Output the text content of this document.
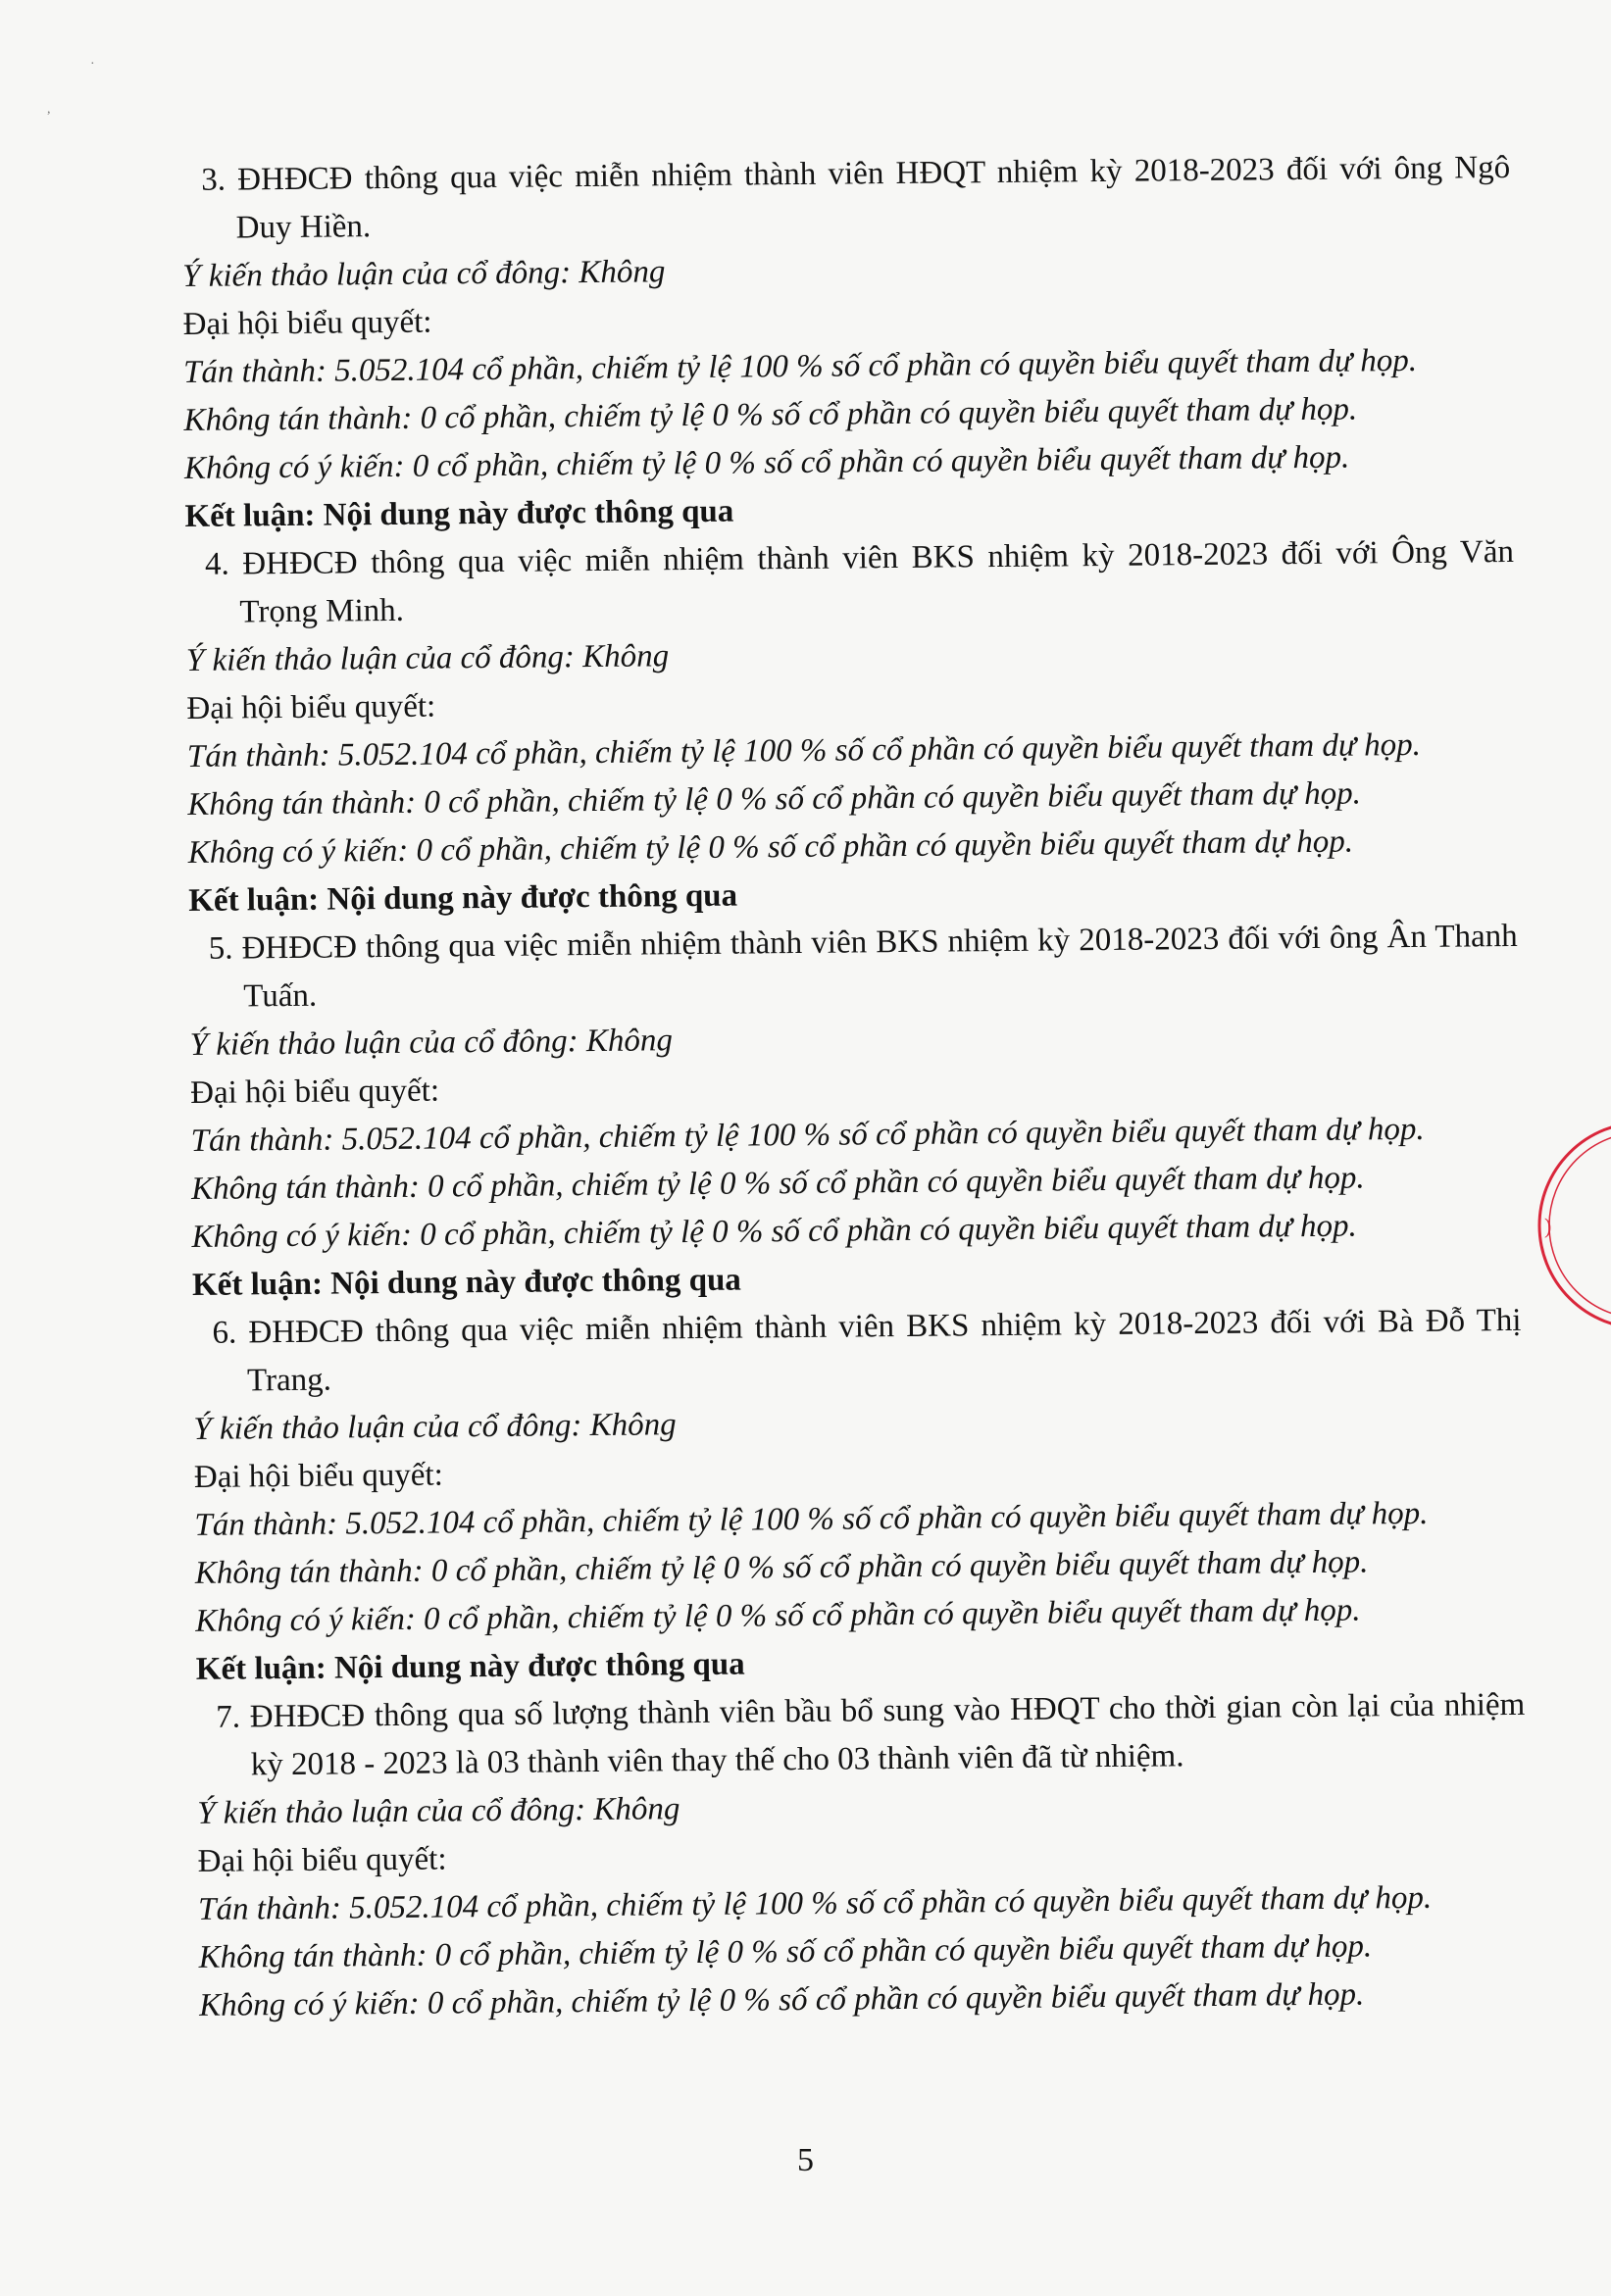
3. ĐHĐCĐ thông qua việc miễn nhiệm thành viên HĐQT nhiệm kỳ 2018-2023 đối với ông Ngô Duy Hiền.
Ý kiến thảo luận của cổ đông: Không
Đại hội biểu quyết:
Tán thành: 5.052.104 cổ phần, chiếm tỷ lệ 100 % số cổ phần có quyền biểu quyết tham dự họp.
Không tán thành: 0 cổ phần, chiếm tỷ lệ 0 % số cổ phần có quyền biểu quyết tham dự họp.
Không có ý kiến: 0 cổ phần, chiếm tỷ lệ 0 % số cổ phần có quyền biểu quyết tham dự họp.
Kết luận: Nội dung này được thông qua
4. ĐHĐCĐ thông qua việc miễn nhiệm thành viên BKS nhiệm kỳ 2018-2023 đối với Ông Văn Trọng Minh.
Ý kiến thảo luận của cổ đông: Không
Đại hội biểu quyết:
Tán thành: 5.052.104 cổ phần, chiếm tỷ lệ 100 % số cổ phần có quyền biểu quyết tham dự họp.
Không tán thành: 0 cổ phần, chiếm tỷ lệ 0 % số cổ phần có quyền biểu quyết tham dự họp.
Không có ý kiến: 0 cổ phần, chiếm tỷ lệ 0 % số cổ phần có quyền biểu quyết tham dự họp.
Kết luận: Nội dung này được thông qua
5. ĐHĐCĐ thông qua việc miễn nhiệm thành viên BKS nhiệm kỳ 2018-2023 đối với ông Ân Thanh Tuấn.
Ý kiến thảo luận của cổ đông: Không
Đại hội biểu quyết:
Tán thành: 5.052.104 cổ phần, chiếm tỷ lệ 100 % số cổ phần có quyền biểu quyết tham dự họp.
Không tán thành: 0 cổ phần, chiếm tỷ lệ 0 % số cổ phần có quyền biểu quyết tham dự họp.
Không có ý kiến: 0 cổ phần, chiếm tỷ lệ 0 % số cổ phần có quyền biểu quyết tham dự họp.
Kết luận: Nội dung này được thông qua
6. ĐHĐCĐ thông qua việc miễn nhiệm thành viên BKS nhiệm kỳ 2018-2023 đối với Bà Đỗ Thị Trang.
Ý kiến thảo luận của cổ đông: Không
Đại hội biểu quyết:
Tán thành: 5.052.104 cổ phần, chiếm tỷ lệ 100 % số cổ phần có quyền biểu quyết tham dự họp.
Không tán thành: 0 cổ phần, chiếm tỷ lệ 0 % số cổ phần có quyền biểu quyết tham dự họp.
Không có ý kiến: 0 cổ phần, chiếm tỷ lệ 0 % số cổ phần có quyền biểu quyết tham dự họp.
Kết luận: Nội dung này được thông qua
7. ĐHĐCĐ thông qua số lượng thành viên bầu bổ sung vào HĐQT cho thời gian còn lại của nhiệm kỳ 2018 - 2023 là 03 thành viên thay thế cho 03 thành viên đã từ nhiệm.
Ý kiến thảo luận của cổ đông: Không
Đại hội biểu quyết:
Tán thành: 5.052.104 cổ phần, chiếm tỷ lệ 100 % số cổ phần có quyền biểu quyết tham dự họp.
Không tán thành: 0 cổ phần, chiếm tỷ lệ 0 % số cổ phần có quyền biểu quyết tham dự họp.
Không có ý kiến: 0 cổ phần, chiếm tỷ lệ 0 % số cổ phần có quyền biểu quyết tham dự họp.
5
)
·
,
